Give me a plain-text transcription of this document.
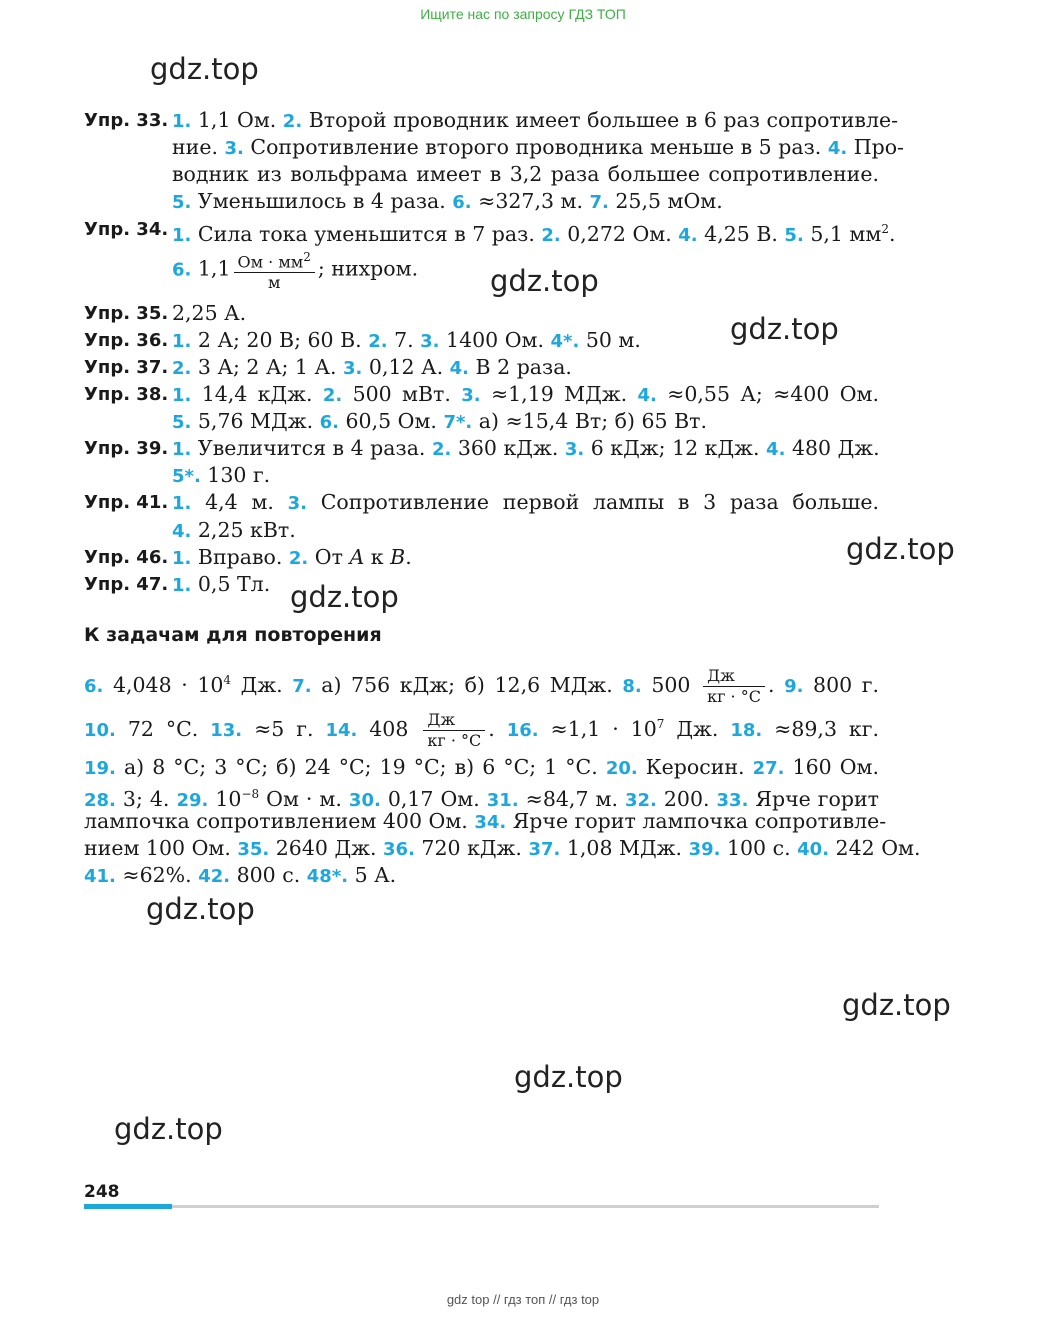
Ищите нас по запросу ГДЗ ТОП
gdz.top
gdz.top
gdz.top
gdz.top
gdz.top
gdz.top
gdz.top
gdz.top
gdz.top
Упр. 33. 1. 1,1 Ом. 2. Второй проводник имеет большее в 6 раз сопротивле-
ние. 3. Сопротивление второго проводника меньше в 5 раз. 4. Про-
водник из вольфрама имеет в 3,2 раза большее сопротивление.
5. Уменьшилось в 4 раза. 6. ≈327,3 м. 7. 25,5 мОм.
Упр. 34. 1. Сила тока уменьшится в 7 раз. 2. 0,272 Ом. 4. 4,25 В. 5. 5,1 $мм^2$.
6. $1,1 \frac{Ом \cdot мм^2}{м}$ ; нихром.
Упр. 35. 2,25 А.
Упр. 36. 1. 2 А; 20 В; 60 В. 2. 7. 3. 1400 Ом. 4*. 50 м.
Упр. 37. 2. 3 А; 2 А; 1 А. 3. 0,12 А. 4. В 2 раза.
Упр. 38. 1. 14,4 кДж. 2. 500 мВт. 3. ≈1,19 МДж. 4. ≈0,55 А; ≈400 Ом.
5. 5,76 МДж. 6. 60,5 Ом. 7*. а) ≈15,4 Вт; б) 65 Вт.
Упр. 39. 1. Увеличится в 4 раза. 2. 360 кДж. 3. 6 кДж; 12 кДж. 4. 480 Дж.
5*. 130 г.
Упр. 41. 1. 4,4 м. 3. Сопротивление первой лампы в 3 раза больше.
4. 2,25 кВт.
Упр. 46. 1. Вправо. 2. От A к B.
Упр. 47. 1. 0,5 Тл.
К задачам для повторения
6. $4,048 \cdot 10^4$ Дж. 7. а) 756 кДж; б) 12,6 МДж. 8. $500 \frac{Дж}{кг \cdot ^\circ С}$ . 9. 800 г.
10. 72 °С. 13. ≈5 г. 14. $408 \frac{Дж}{кг \cdot ^\circ С}$ . 16. $\approx 1,1 \cdot 10^7$ Дж. 18. ≈89,3 кг.
19. а) 8 °С; 3 °С; б) 24 °С; 19 °С; в) 6 °С; 1 °С. 20. Керосин. 27. 160 Ом.
28. 3; 4. 29. $10^{-8}$ Ом · м. 30. 0,17 Ом. 31. ≈84,7 м. 32. 200. 33. Ярче горит
лампочка сопротивлением 400 Ом. 34. Ярче горит лампочка сопротивле-
нием 100 Ом. 35. 2640 Дж. 36. 720 кДж. 37. 1,08 МДж. 39. 100 с. 40. 242 Ом.
41. ≈62%. 42. 800 с. 48*. 5 А.
248
gdz top // гдз топ // гдз top
